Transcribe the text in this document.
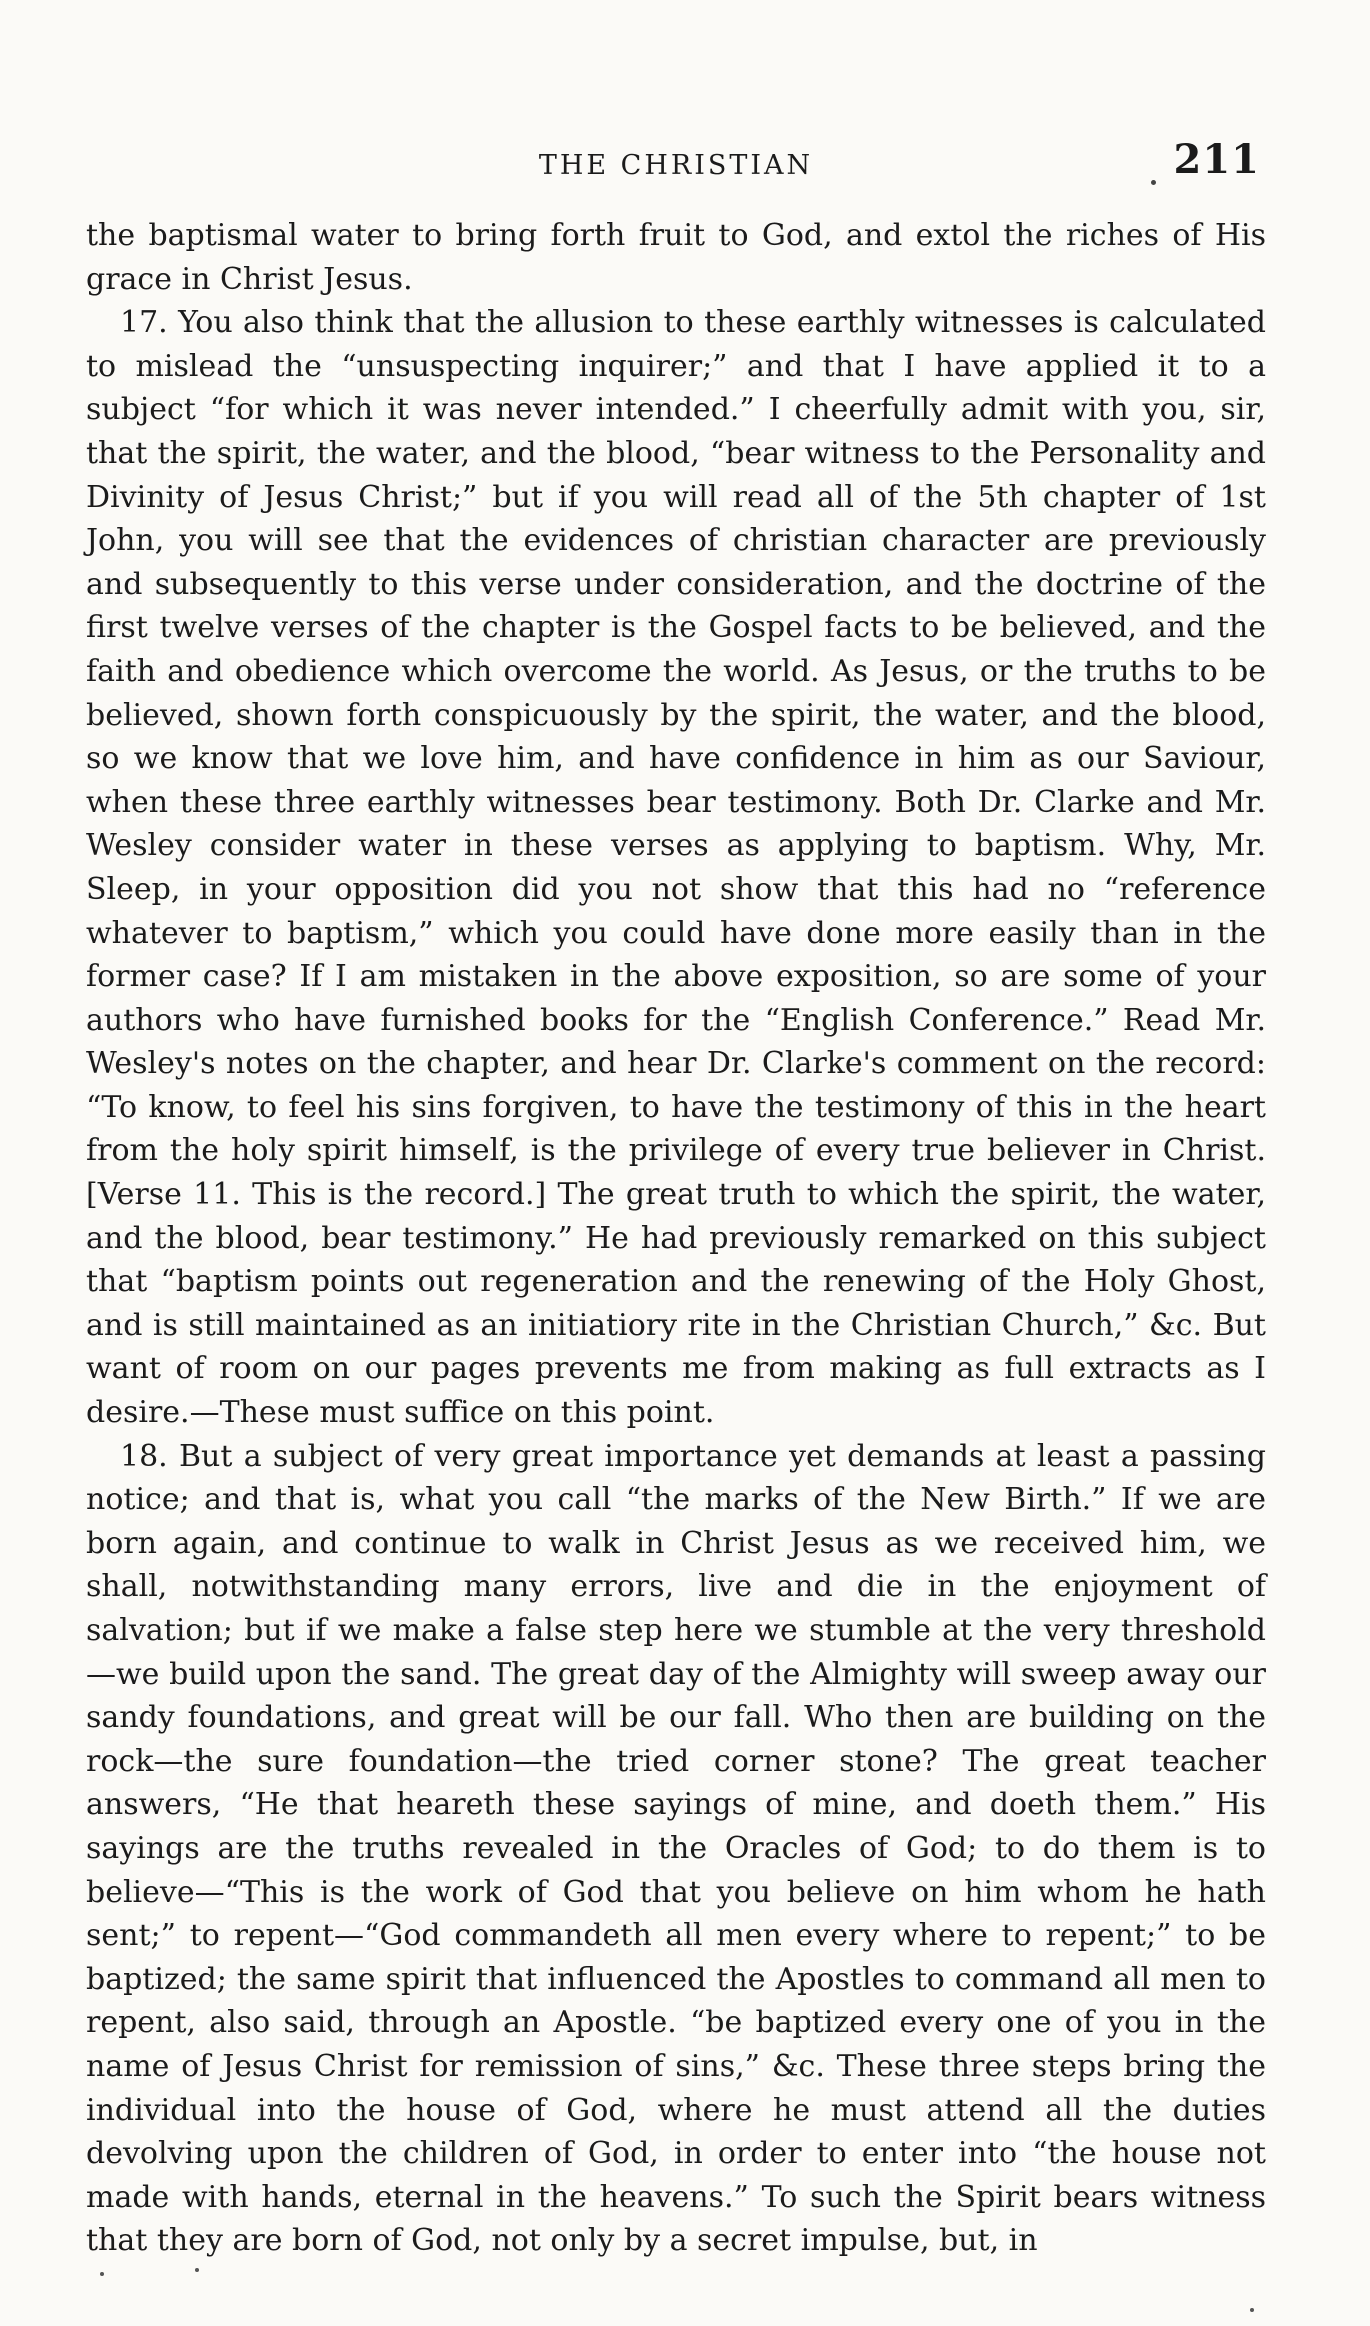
THE CHRISTIAN	211

the baptismal water to bring forth fruit to God, and extol the riches of His grace in Christ Jesus.

17. You also think that the allusion to these earthly witnesses is calculated to mislead the “unsuspecting inquirer;” and that I have applied it to a subject “for which it was never intended.” I cheerfully admit with you, sir, that the spirit, the water, and the blood, “bear witness to the Personality and Divinity of Jesus Christ;” but if you will read all of the 5th chapter of 1st John, you will see that the evidences of christian character are previously and subsequently to this verse under consideration, and the doctrine of the first twelve verses of the chapter is the Gospel facts to be believed, and the faith and obedience which overcome the world. As Jesus, or the truths to be believed, shown forth conspicuously by the spirit, the water, and the blood, so we know that we love him, and have confidence in him as our Saviour, when these three earthly witnesses bear testimony. Both Dr. Clarke and Mr. Wesley consider water in these verses as applying to baptism. Why, Mr. Sleep, in your opposition did you not show that this had no “reference whatever to baptism,” which you could have done more easily than in the former case? If I am mistaken in the above exposition, so are some of your authors who have furnished books for the “English Conference.” Read Mr. Wesley's notes on the chapter, and hear Dr. Clarke's comment on the record: “To know, to feel his sins forgiven, to have the testimony of this in the heart from the holy spirit himself, is the privilege of every true believer in Christ. [Verse 11. This is the record.] The great truth to which the spirit, the water, and the blood, bear testimony.” He had previously remarked on this subject that “baptism points out regeneration and the renewing of the Holy Ghost, and is still maintained as an initiatiory rite in the Christian Church,” &c. But want of room on our pages prevents me from making as full extracts as I desire.—These must suffice on this point.

18. But a subject of very great importance yet demands at least a passing notice; and that is, what you call “the marks of the New Birth.” If we are born again, and continue to walk in Christ Jesus as we received him, we shall, notwithstanding many errors, live and die in the enjoyment of salvation; but if we make a false step here we stumble at the very threshold—we build upon the sand. The great day of the Almighty will sweep away our sandy foundations, and great will be our fall. Who then are building on the rock—the sure foundation—the tried corner stone? The great teacher answers, “He that heareth these sayings of mine, and doeth them.” His sayings are the truths revealed in the Oracles of God; to do them is to believe—“This is the work of God that you believe on him whom he hath sent;” to repent—“God commandeth all men every where to repent;” to be baptized; the same spirit that influenced the Apostles to command all men to repent, also said, through an Apostle. “be baptized every one of you in the name of Jesus Christ for remission of sins,” &c. These three steps bring the individual into the house of God, where he must attend all the duties devolving upon the children of God, in order to enter into “the house not made with hands, eternal in the heavens.” To such the Spirit bears witness that they are born of God, not only by a secret impulse, but, in
